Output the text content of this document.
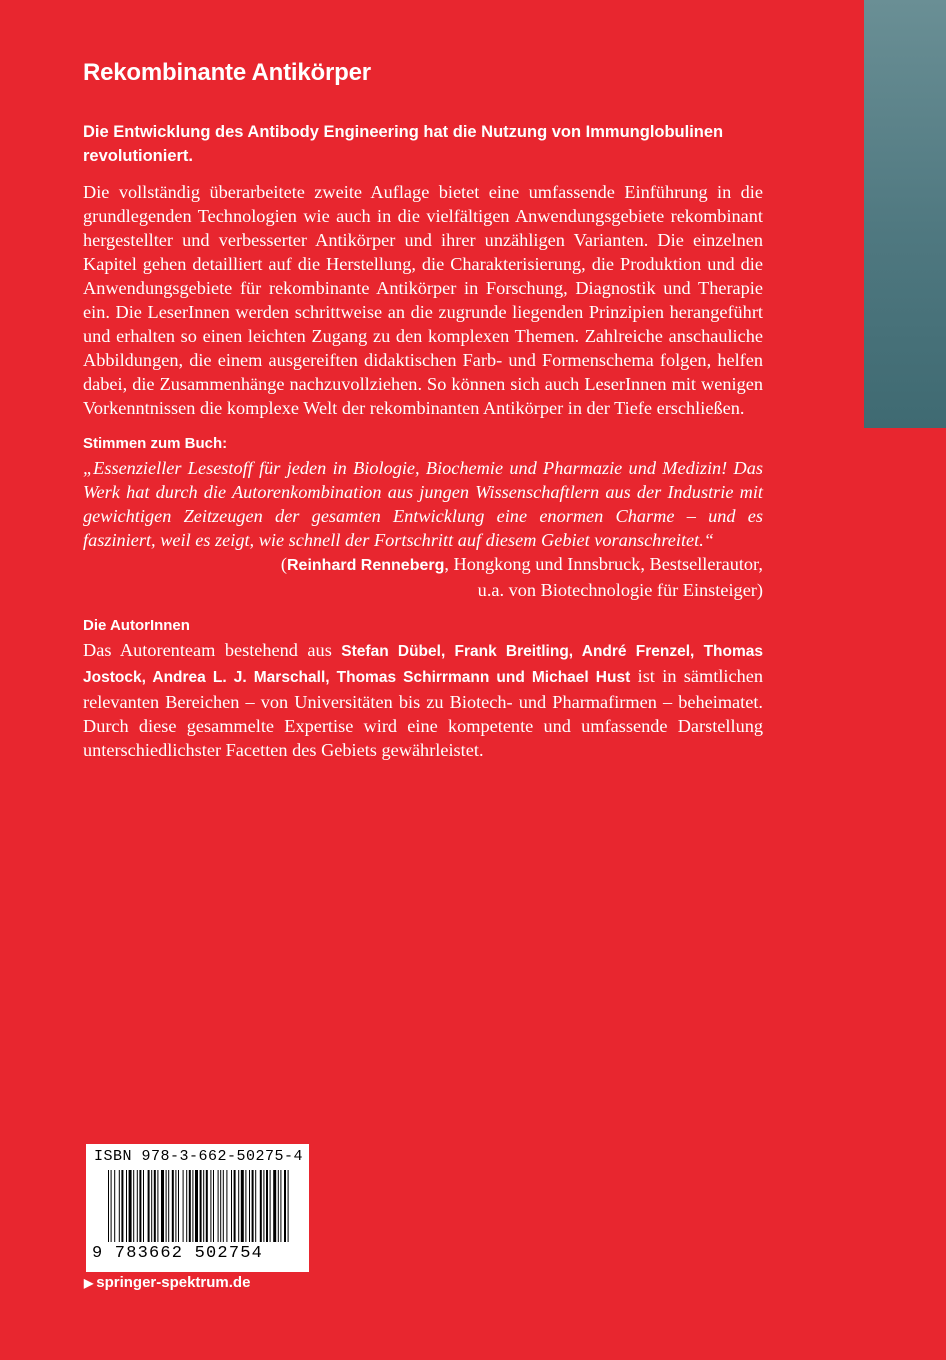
Rekombinante Antikörper

Die Entwicklung des Antibody Engineering hat die Nutzung von Immunglobulinen revolutioniert.

Die vollständig überarbeitete zweite Auflage bietet eine umfassende Einführung in die grundlegenden Technologien wie auch in die vielfältigen Anwendungsgebiete rekombinant hergestellter und verbesserter Antikörper und ihrer unzähligen Varianten. Die einzelnen Kapitel gehen detailliert auf die Herstellung, die Charakterisierung, die Produktion und die Anwendungsgebiete für rekombinante Antikörper in Forschung, Diagnostik und Therapie ein. Die LeserInnen werden schrittweise an die zugrunde liegenden Prinzipien herangeführt und erhalten so einen leichten Zugang zu den komplexen Themen. Zahlreiche anschauliche Abbildungen, die einem ausgereiften didaktischen Farb- und Formenschema folgen, helfen dabei, die Zusammenhänge nachzuvollziehen. So können sich auch LeserInnen mit wenigen Vorkenntnissen die komplexe Welt der rekombinanten Antikörper in der Tiefe erschließen.

Stimmen zum Buch:

„Essenzieller Lesestoff für jeden in Biologie, Biochemie und Pharmazie und Medizin! Das Werk hat durch die Autorenkombination aus jungen Wissenschaftlern aus der Industrie mit gewichtigen Zeitzeugen der gesamten Entwicklung eine enormen Charme – und es fasziniert, weil es zeigt, wie schnell der Fortschritt auf diesem Gebiet voranschreitet.“

(Reinhard Renneberg, Hongkong und Innsbruck, Bestsellerautor,
u.a. von Biotechnologie für Einsteiger)

Die AutorInnen

Das Autorenteam bestehend aus Stefan Dübel, Frank Breitling, André Frenzel, Thomas Jostock, Andrea L. J. Marschall, Thomas Schirrmann und Michael Hust ist in sämtlichen relevanten Bereichen – von Universitäten bis zu Biotech- und Pharmafirmen – beheimatet. Durch diese gesammelte Expertise wird eine kompetente und umfassende Darstellung unterschiedlichster Facetten des Gebiets gewährleistet.

ISBN 978-3-662-50275-4
9 783662 502754
▶ springer-spektrum.de
